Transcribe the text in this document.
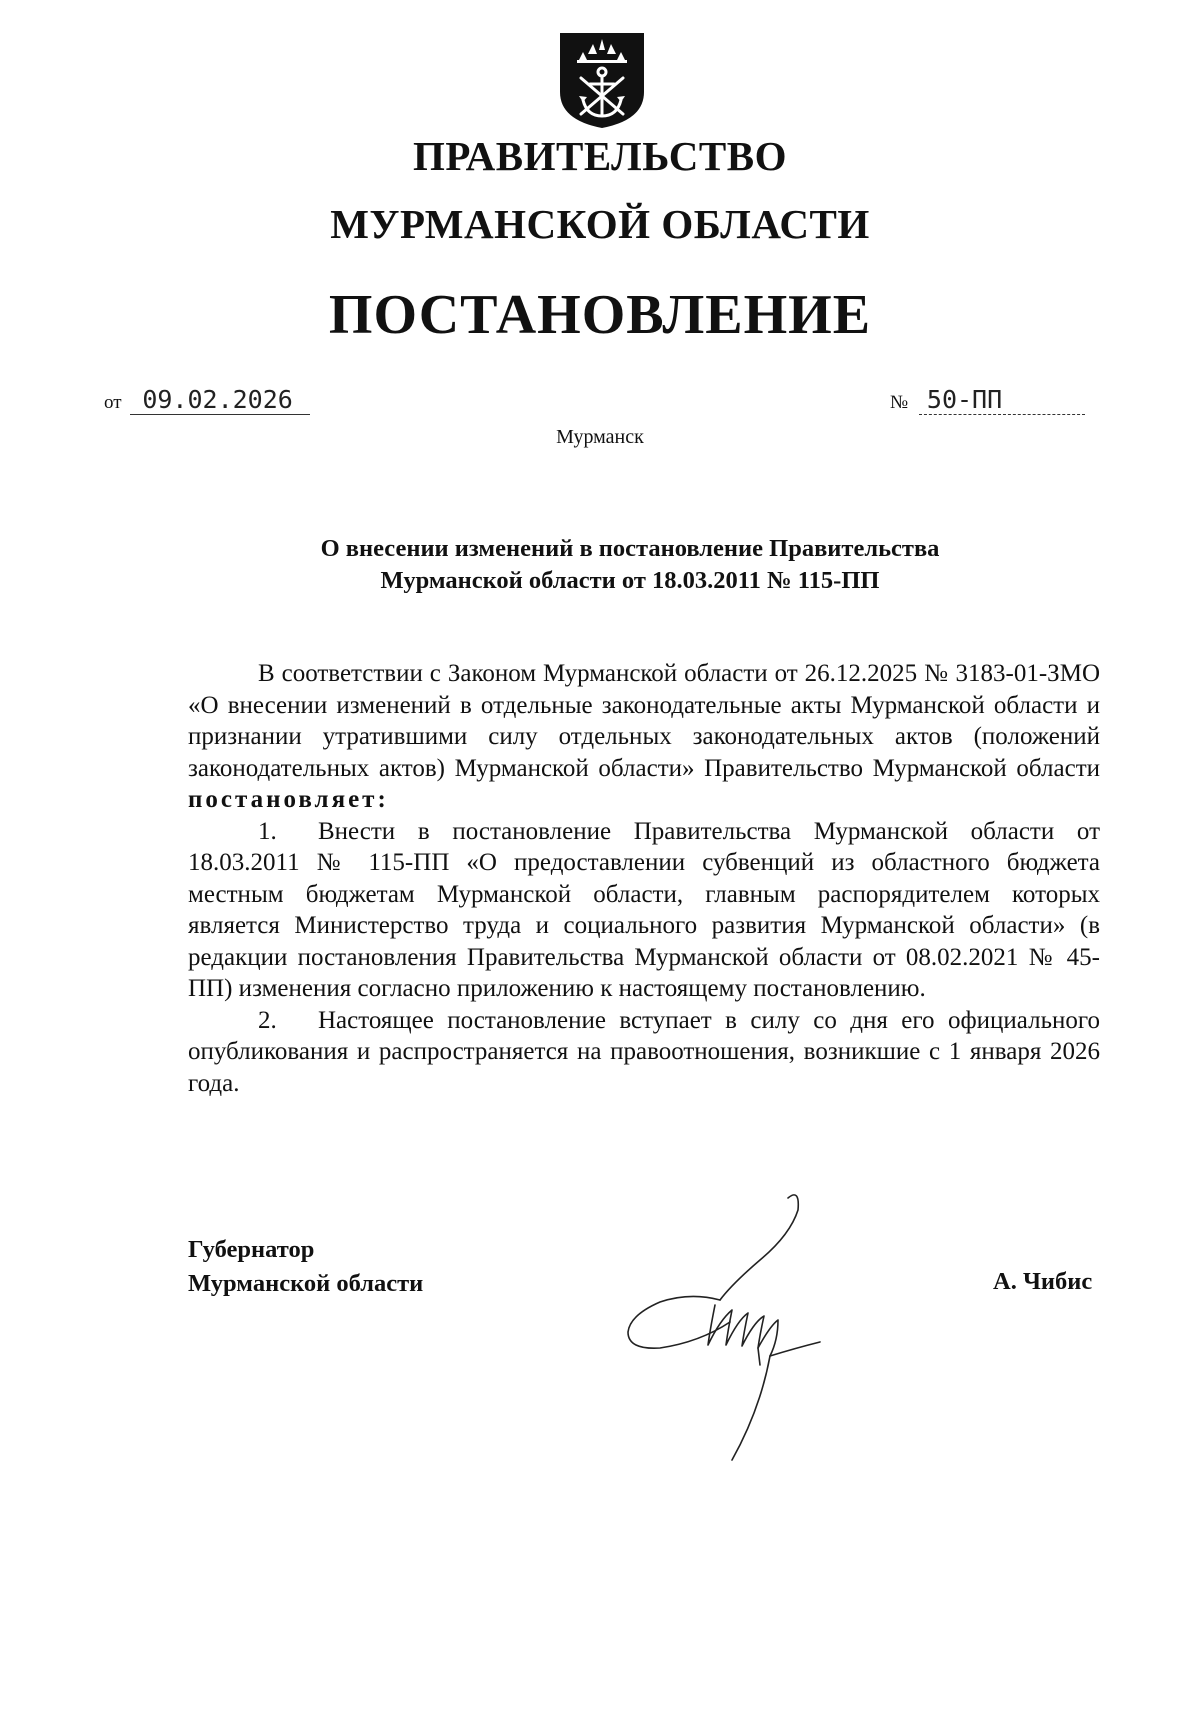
ПРАВИТЕЛЬСТВО
МУРМАНСКОЙ ОБЛАСТИ
ПОСТАНОВЛЕНИЕ
от 09.02.2026	№ 50-ПП
Мурманск
О внесении изменений в постановление Правительства
Мурманской области от 18.03.2011 № 115-ПП

В соответствии с Законом Мурманской области от 26.12.2025 № 3183-01-ЗМО «О внесении изменений в отдельные законодательные акты Мурманской области и признании утратившими силу отдельных законодательных актов (положений законодательных актов) Мурманской области» Правительство Мурманской области постановляет:

1. Внести в постановление Правительства Мурманской области от 18.03.2011 № 115-ПП «О предоставлении субвенций из областного бюджета местным бюджетам Мурманской области, главным распорядителем которых является Министерство труда и социального развития Мурманской области» (в редакции постановления Правительства Мурманской области от 08.02.2021 № 45-ПП) изменения согласно приложению к настоящему постановлению.

2. Настоящее постановление вступает в силу со дня его официального опубликования и распространяется на правоотношения, возникшие с 1 января 2026 года.

Губернатор
Мурманской области	А. Чибис
